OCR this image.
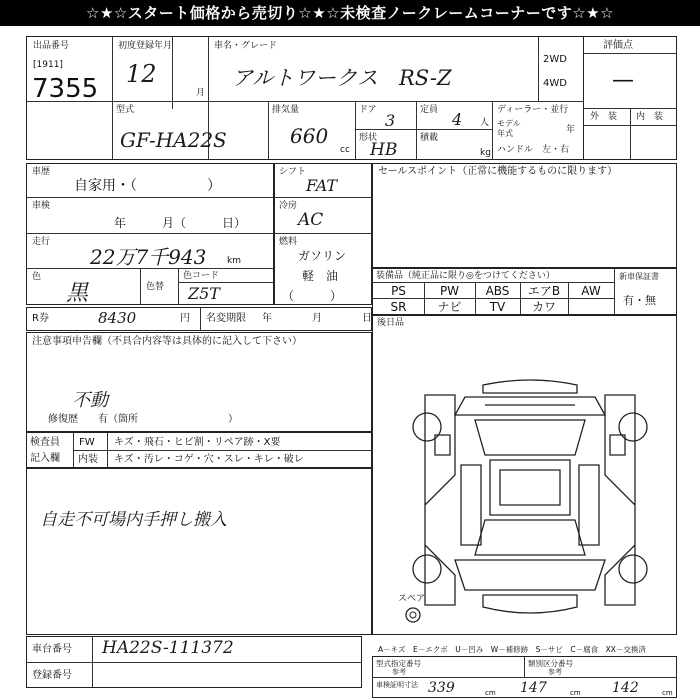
☆★☆スタート価格から売切り☆★☆未検査ノークレームコーナーです☆★☆
出品番号
[1911]
7355
初度登録年月
12
月
車名・グレード
アルトワークス　RS-Z
2WD
4WD
評価点
—
外　装 内　装
型式
GF-HA22S
排気量
660
cc
ドア
3
形状
HB
定員 4 人
積載
kg
ディーラー・並行
モデル
年式	年
ハンドル　左・右
車歴
自家用・（　　　　　）
車検
年　　　月（　　　日）
走行
22万7千943 km
色
黒	色替
色コード
Z5T
シフト
FAT
冷房
AC
燃料
ガソリン
軽　油
（　　　）
セールスポイント（正常に機能するものに限ります）
装備品（純正品に限り◎をつけてください）
PS	PW	ABS	エアB	AW
SR	ナビ	TV	カワ
新車保証書
有・無
R券	8430	円 名変期限 年　　　　月　　　　日
注意事項申告欄（不具合内容等は具体的に記入して下さい）
不動
修復歴　　有（箇所　　　　　　　　　）
後日品
スペア
検査員
記入欄
FW キズ・飛石・ヒビ割・リペア跡・X要
内装 キズ・汚レ・コゲ・穴・スレ・キレ・破レ
自走不可場内手押し搬入
車台番号 HA22S-111372
登録番号
A－キズ　E－エクボ　U－凹み　W－補修跡　S－サビ　C－腐食　XX－交換済
型式指定番号	類別区分番号
参考	参考
車検証明寸法 339	cm 147	cm 142	cm
